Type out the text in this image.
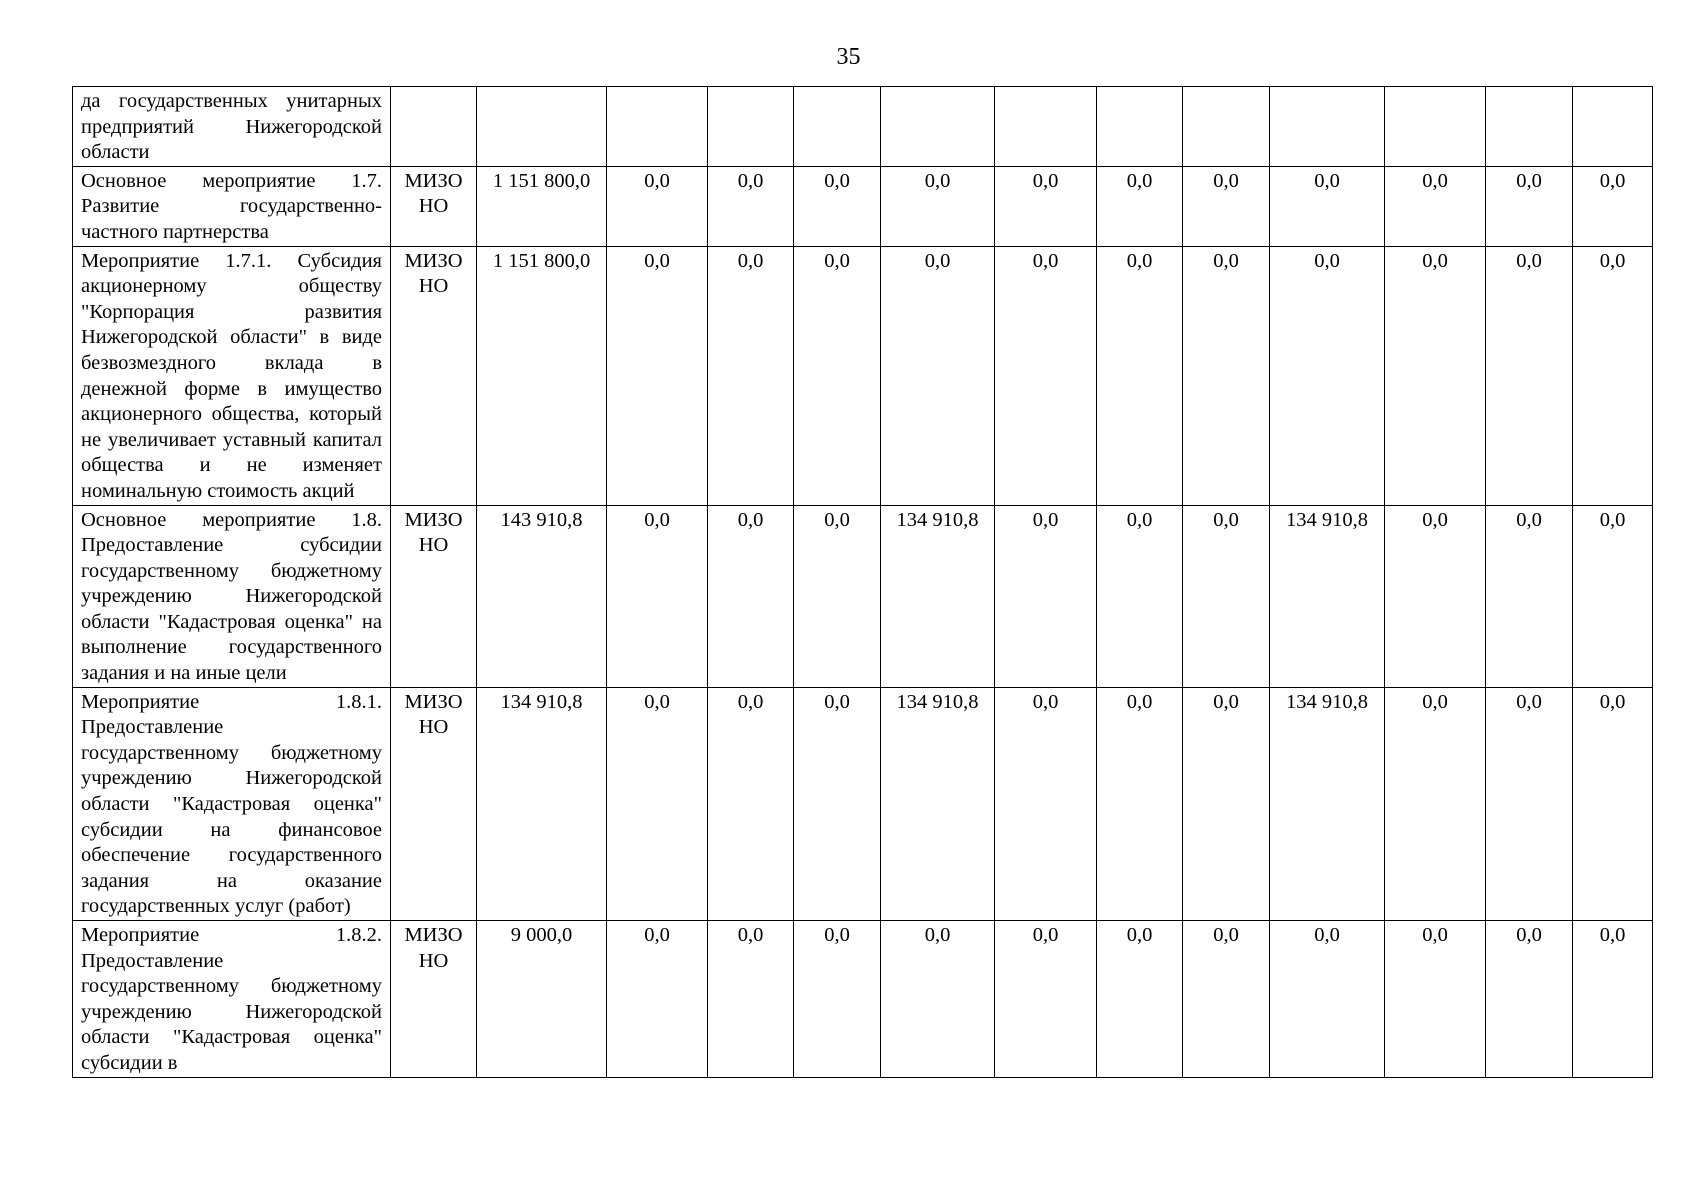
35
да государственных унитарных предприятий Нижегородской области														
Основное мероприятие 1.7. Развитие государственно-частного партнерства	МИЗО НО	1 151 800,0	0,0	0,0	0,0	0,0	0,0	0,0	0,0	0,0	0,0	0,0	0,0	
Мероприятие 1.7.1. Субсидия акционерному обществу "Корпорация развития Нижегородской области" в виде безвозмездного вклада в денежной форме в имущество акционерного общества, который не увеличивает уставный капитал общества и не изменяет номинальную стоимость акций	МИЗО НО	1 151 800,0	0,0	0,0	0,0	0,0	0,0	0,0	0,0	0,0	0,0	0,0	0,0	
Основное мероприятие 1.8. Предоставление субсидии государственному бюджетному учреждению Нижегородской области "Кадастровая оценка" на выполнение государственного задания и на иные цели	МИЗО НО	143 910,8	0,0	0,0	0,0	134 910,8	0,0	0,0	0,0	134 910,8	0,0	0,0	0,0	
Мероприятие 1.8.1. Предоставление государственному бюджетному учреждению Нижегородской области "Кадастровая оценка" субсидии на финансовое обеспечение государственного задания на оказание государственных услуг (работ)	МИЗО НО	134 910,8	0,0	0,0	0,0	134 910,8	0,0	0,0	0,0	134 910,8	0,0	0,0	0,0	
Мероприятие 1.8.2. Предоставление государственному бюджетному учреждению Нижегородской области "Кадастровая оценка" субсидии в	МИЗО НО	9 000,0	0,0	0,0	0,0	0,0	0,0	0,0	0,0	0,0	0,0	0,0	0,0	
